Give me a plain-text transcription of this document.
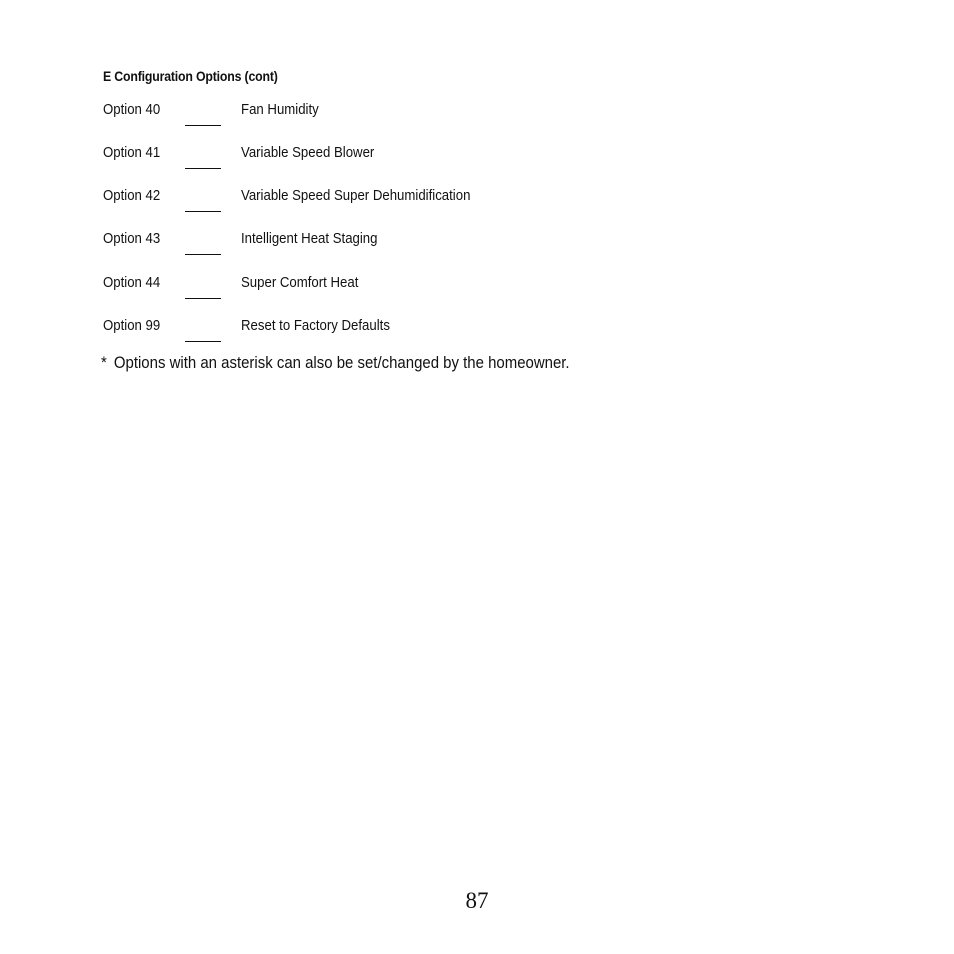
E Configuration Options (cont)
Option 40	Fan Humidity
Option 41	Variable Speed Blower
Option 42	Variable Speed Super Dehumidification
Option 43	Intelligent Heat Staging
Option 44	Super Comfort Heat
Option 99	Reset to Factory Defaults
* Options with an asterisk can also be set/changed by the homeowner.
87
